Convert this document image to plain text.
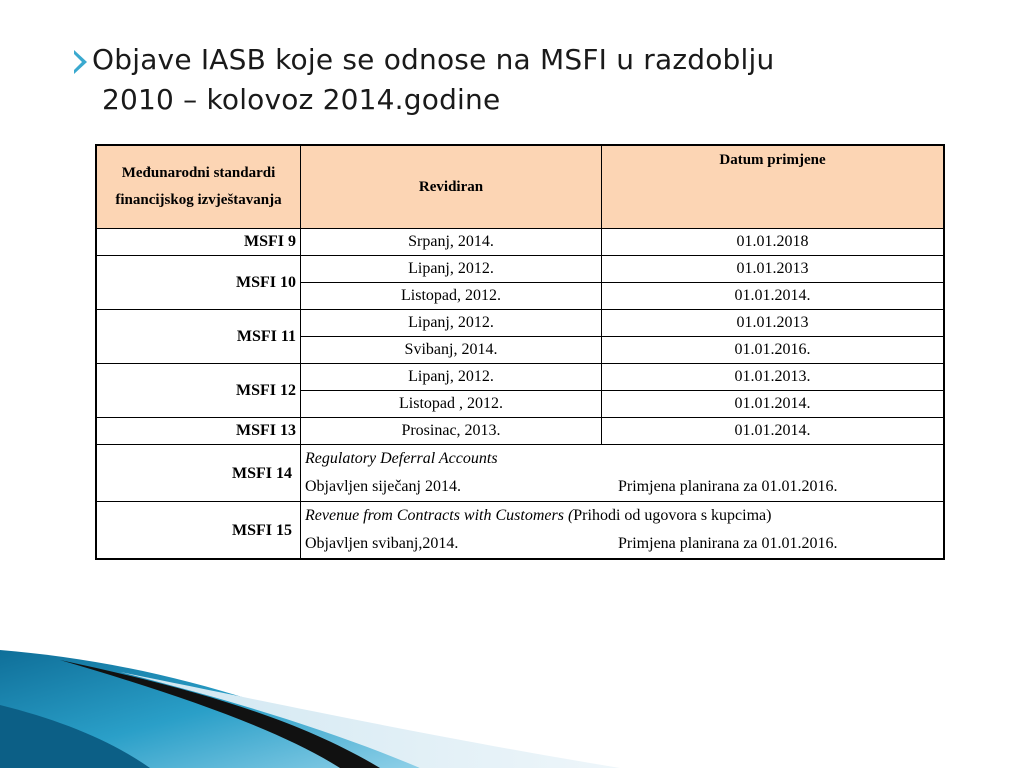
Objave IASB koje se odnose na MSFI u razdoblju
2010 – kolovoz 2014.godine
Međunarodni standardi financijskog izvještavanja	Revidiran	Datum primjene
MSFI 9	Srpanj, 2014.	01.01.2018
MSFI 10	Lipanj, 2012.	01.01.2013
	Listopad, 2012.	01.01.2014.
MSFI 11	Lipanj, 2012.	01.01.2013
	Svibanj, 2014.	01.01.2016.
MSFI 12	Lipanj, 2012.	01.01.2013.
	Listopad , 2012.	01.01.2014.
MSFI 13	Prosinac, 2013.	01.01.2014.
MSFI 14	Regulatory Deferral Accounts
Objavljen siječanj 2014. Primjena planirana za 01.01.2016.	

MSFI 15	Revenue from Contracts with Customers (Prihodi od ugovora s kupcima)
Objavljen svibanj,2014. Primjena planirana za 01.01.2016.	
